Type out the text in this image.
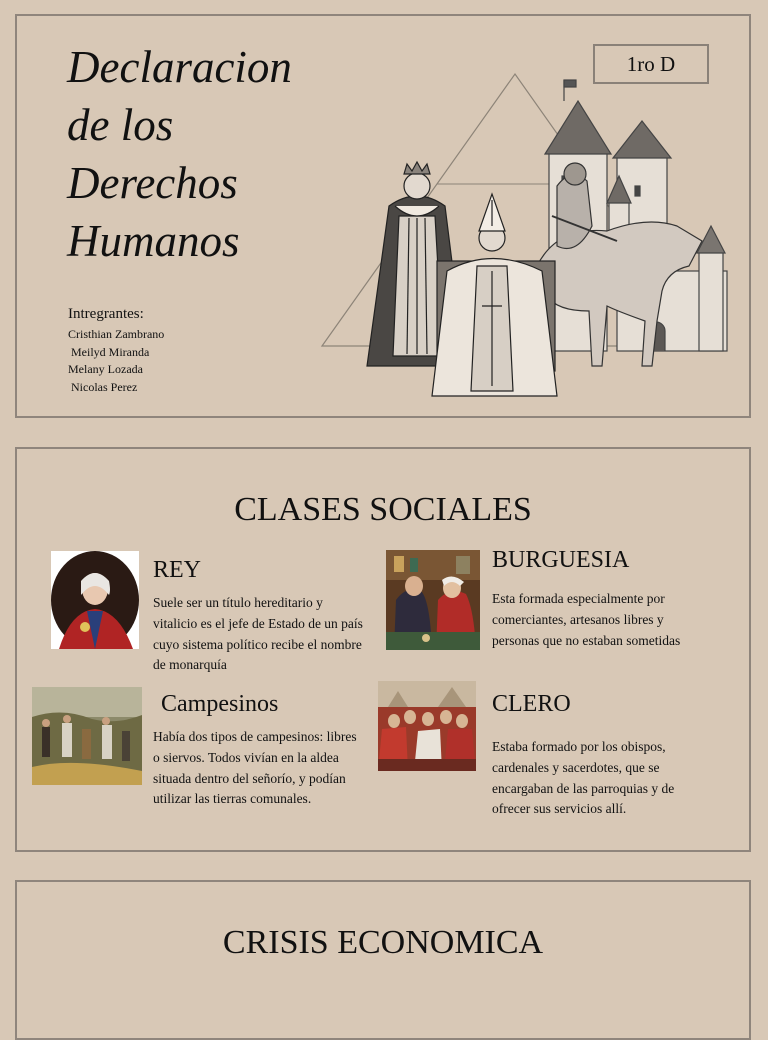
Declaracion
de los
Derechos
Humanos
1ro D
Intregrantes:
Cristhian Zambrano
Meilyd Miranda
Melany Lozada
Nicolas Perez
CLASES SOCIALES
REY

Suele ser un título hereditario y vitalicio es el jefe de Estado de un país cuyo sistema político recibe el nombre de monarquía

BURGUESIA

Esta formada especialmente por comerciantes, artesanos libres y personas que no estaban sometidas

Campesinos

Había dos tipos de campesinos: libres o siervos. Todos vivían en la aldea situada dentro del señorío, y podían utilizar las tierras comunales.

CLERO

Estaba formado por los obispos, cardenales y sacerdotes, que se encargaban de las parroquias y de ofrecer sus servicios allí.

CRISIS ECONOMICA
